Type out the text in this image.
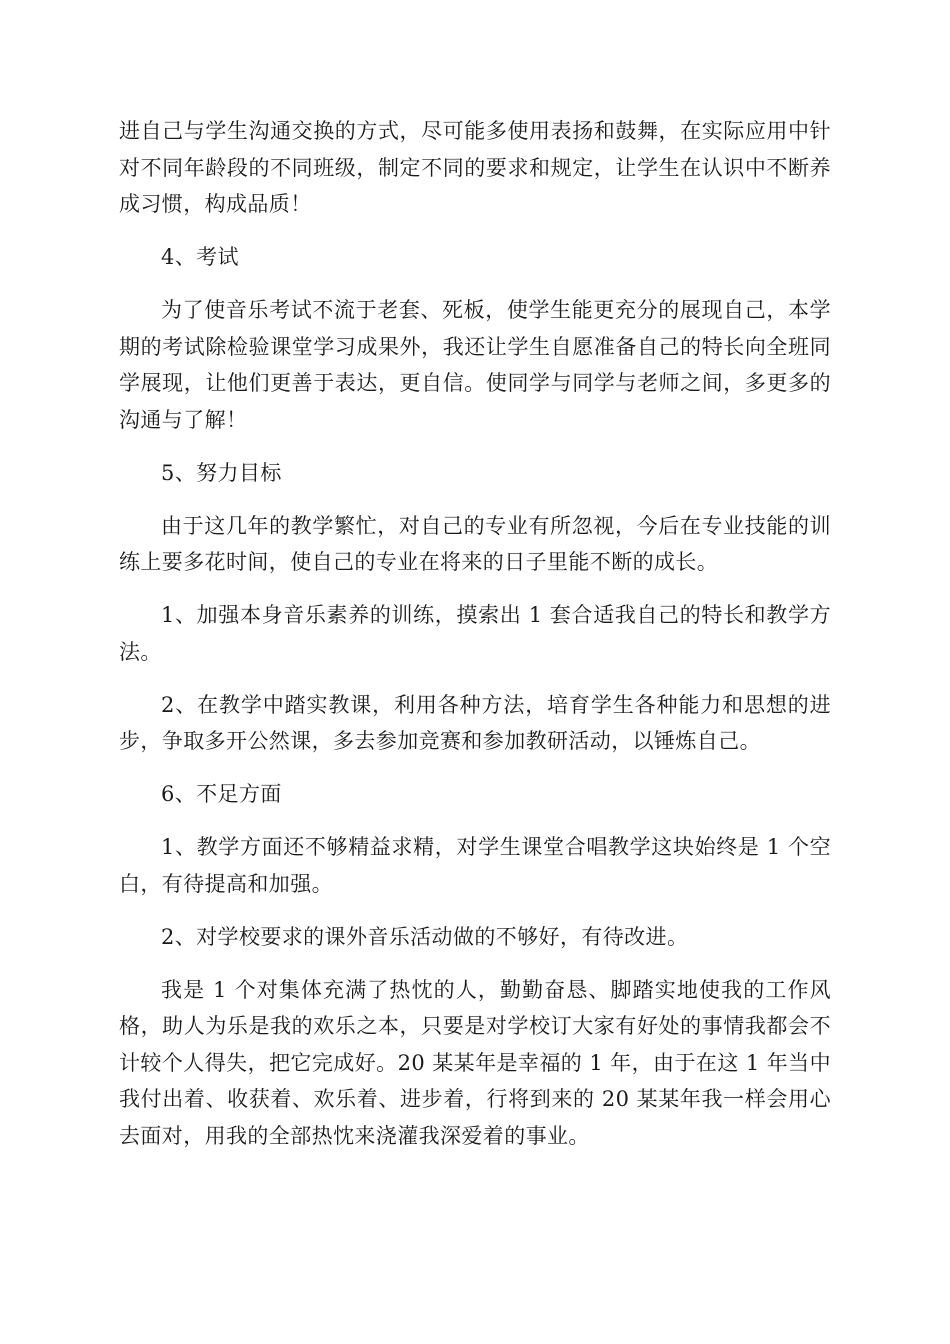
进自己与学生沟通交换的方式，尽可能多使用表扬和鼓舞，在实际应用中针对不同年龄段的不同班级，制定不同的要求和规定，让学生在认识中不断养成习惯，构成品质！

4、考试

为了使音乐考试不流于老套、死板，使学生能更充分的展现自己，本学期的考试除检验课堂学习成果外，我还让学生自愿准备自己的特长向全班同学展现，让他们更善于表达，更自信。使同学与同学与老师之间，多更多的沟通与了解！

5、努力目标

由于这几年的教学繁忙，对自己的专业有所忽视，今后在专业技能的训练上要多花时间，使自己的专业在将来的日子里能不断的成长。

1、加强本身音乐素养的训练，摸索出 1 套合适我自己的特长和教学方法。

2、在教学中踏实教课，利用各种方法，培育学生各种能力和思想的进步，争取多开公然课，多去参加竞赛和参加教研活动，以锤炼自己。

6、不足方面

1、教学方面还不够精益求精，对学生课堂合唱教学这块始终是 1 个空白，有待提高和加强。

2、对学校要求的课外音乐活动做的不够好，有待改进。

我是 1 个对集体充满了热忱的人，勤勤奋恳、脚踏实地使我的工作风格，助人为乐是我的欢乐之本，只要是对学校订大家有好处的事情我都会不计较个人得失，把它完成好。20 某某年是幸福的 1 年，由于在这 1 年当中我付出着、收获着、欢乐着、进步着，行将到来的 20 某某年我一样会用心去面对，用我的全部热忱来浇灌我深爱着的事业。
